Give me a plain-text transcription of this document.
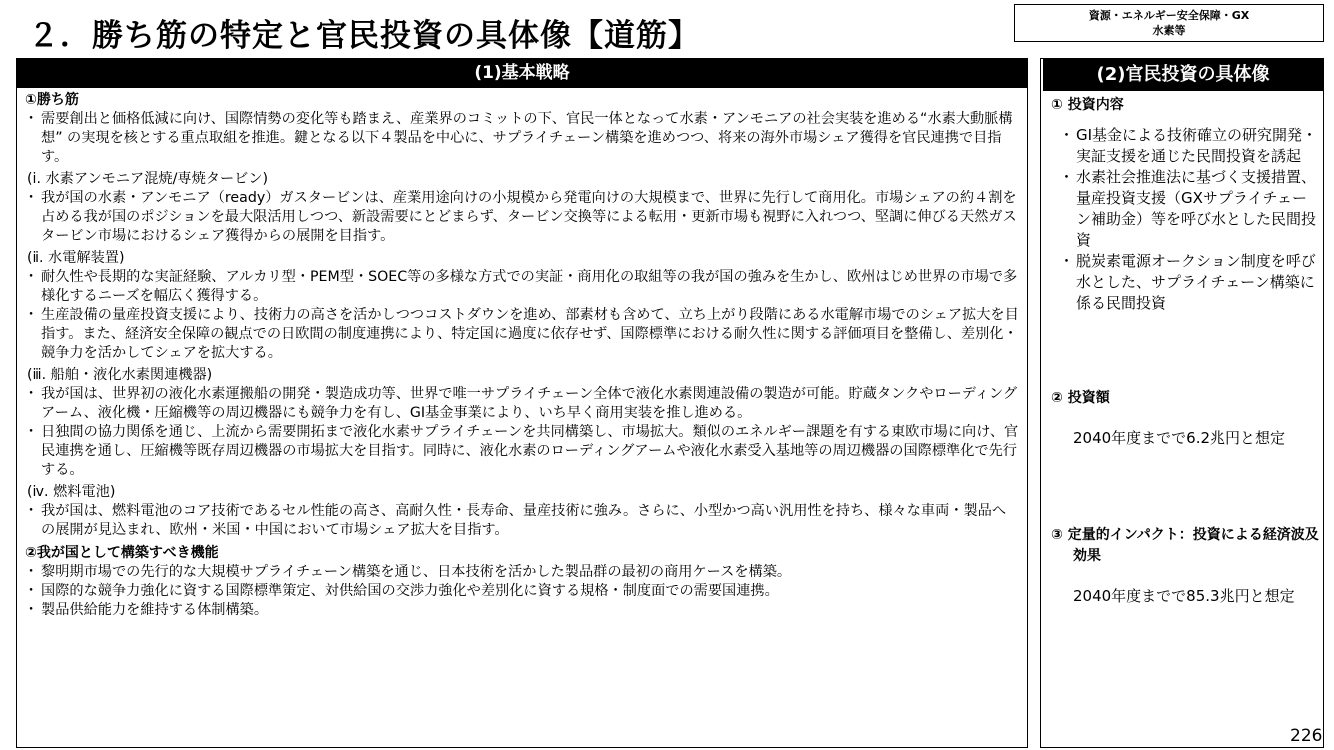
２．勝ち筋の特定と官民投資の具体像【道筋】
資源・エネルギー安全保障・GX
水素等
(1)基本戦略
①勝ち筋
・ 需要創出と価格低減に向け、国際情勢の変化等も踏まえ、産業界のコミットの下、官民一体となって水素・アンモニアの社会実装を進める“水素大動脈構想” の実現を核とする重点取組を推進。鍵となる以下４製品を中心に、サプライチェーン構築を進めつつ、将来の海外市場シェア獲得を官民連携で目指す。
(ⅰ. 水素アンモニア混焼/専焼タービン)
・ 我が国の水素・アンモニア（ready）ガスタービンは、産業用途向けの小規模から発電向けの大規模まで、世界に先行して商用化。市場シェアの約４割を占める我が国のポジションを最大限活用しつつ、新設需要にとどまらず、タービン交換等による転用・更新市場も視野に入れつつ、堅調に伸びる天然ガスタービン市場におけるシェア獲得からの展開を目指す。
(ⅱ. 水電解装置)
・ 耐久性や長期的な実証経験、アルカリ型・PEM型・SOEC等の多様な方式での実証・商用化の取組等の我が国の強みを生かし、欧州はじめ世界の市場で多様化するニーズを幅広く獲得する。
・ 生産設備の量産投資支援により、技術力の高さを活かしつつコストダウンを進め、部素材も含めて、立ち上がり段階にある水電解市場でのシェア拡大を目指す。また、経済安全保障の観点での日欧間の制度連携により、特定国に過度に依存せず、国際標準における耐久性に関する評価項目を整備し、差別化・競争力を活かしてシェアを拡大する。
(ⅲ. 船舶・液化水素関連機器)
・ 我が国は、世界初の液化水素運搬船の開発・製造成功等、世界で唯一サプライチェーン全体で液化水素関連設備の製造が可能。貯蔵タンクやローディングアーム、液化機・圧縮機等の周辺機器にも競争力を有し、GI基金事業により、いち早く商用実装を推し進める。
・ 日独間の協力関係を通じ、上流から需要開拓まで液化水素サプライチェーンを共同構築し、市場拡大。類似のエネルギー課題を有する東欧市場に向け、官民連携を通し、圧縮機等既存周辺機器の市場拡大を目指す。同時に、液化水素のローディングアームや液化水素受入基地等の周辺機器の国際標準化で先行する。
(ⅳ. 燃料電池)
・ 我が国は、燃料電池のコア技術であるセル性能の高さ、高耐久性・長寿命、量産技術に強み。さらに、小型かつ高い汎用性を持ち、様々な車両・製品への展開が見込まれ、欧州・米国・中国において市場シェア拡大を目指す。
②我が国として構築すべき機能
・ 黎明期市場での先行的な大規模サプライチェーン構築を通じ、日本技術を活かした製品群の最初の商用ケースを構築。
・ 国際的な競争力強化に資する国際標準策定、対供給国の交渉力強化や差別化に資する規格・制度面での需要国連携。
・ 製品供給能力を維持する体制構築。
(2)官民投資の具体像
① 投資内容
・ GI基金による技術確立の研究開発・実証支援を通じた民間投資を誘起
・ 水素社会推進法に基づく支援措置、量産投資支援（GXサプライチェーン補助金）等を呼び水とした民間投資
・ 脱炭素電源オークション制度を呼び水とした、サプライチェーン構築に係る民間投資
② 投資額
2040年度までで6.2兆円と想定
③ 定量的インパクト：投資による経済波及効果
2040年度までで85.3兆円と想定
226
